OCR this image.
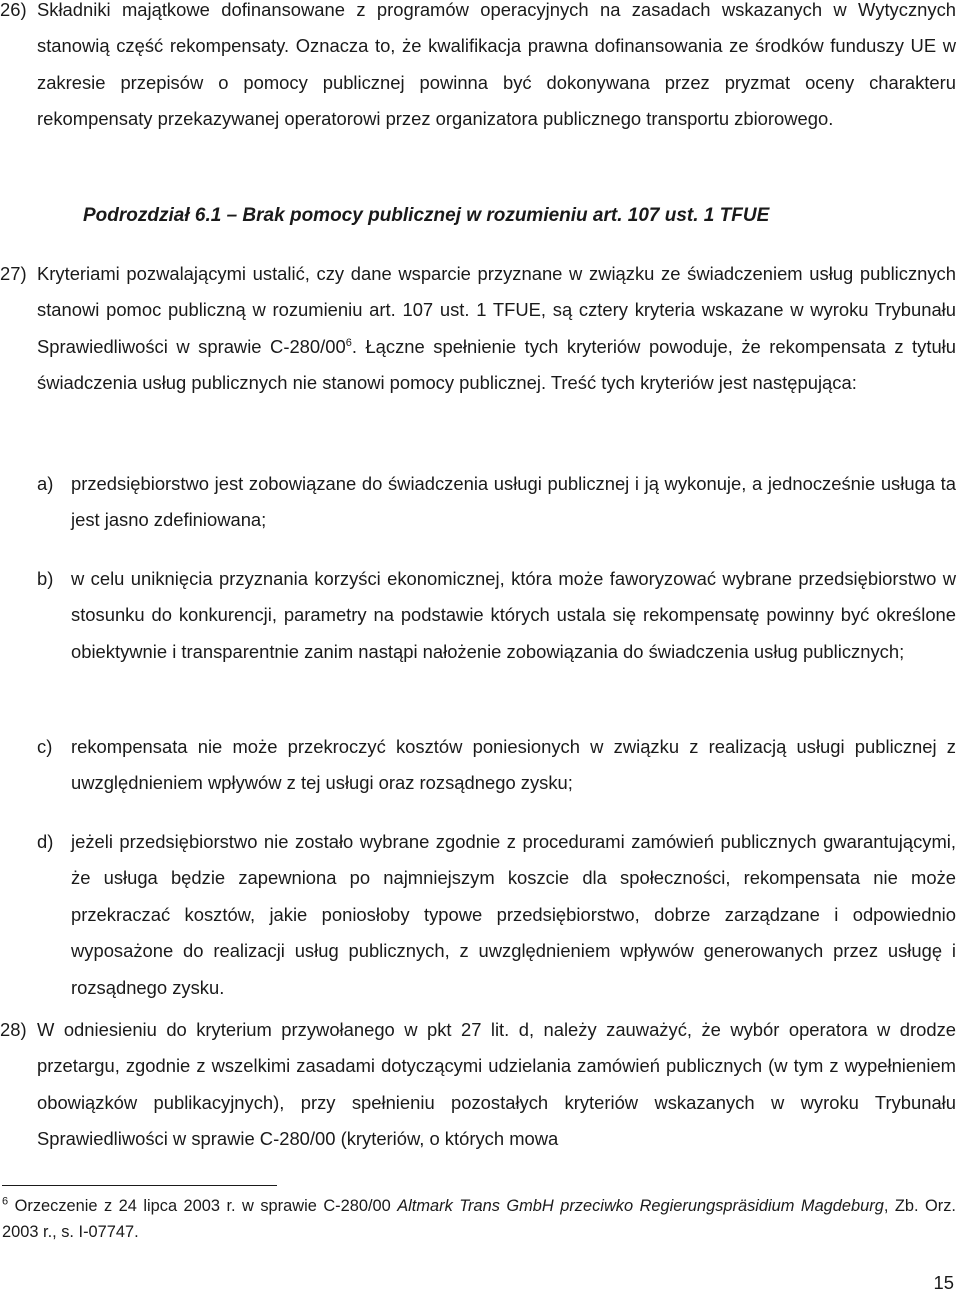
26) Składniki majątkowe dofinansowane z programów operacyjnych na zasadach wskazanych w Wytycznych stanowią część rekompensaty. Oznacza to, że kwalifikacja prawna dofinansowania ze środków funduszy UE w zakresie przepisów o pomocy publicznej powinna być dokonywana przez pryzmat oceny charakteru rekompensaty przekazywanej operatorowi przez organizatora publicznego transportu zbiorowego.

Podrozdział 6.1 – Brak pomocy publicznej w rozumieniu art. 107 ust. 1 TFUE

27) Kryteriami pozwalającymi ustalić, czy dane wsparcie przyznane w związku ze świadczeniem usług publicznych stanowi pomoc publiczną w rozumieniu art. 107 ust. 1 TFUE, są cztery kryteria wskazane w wyroku Trybunału Sprawiedliwości w sprawie $C-280/00^6$. Łączne spełnienie tych kryteriów powoduje, że rekompensata z tytułu świadczenia usług publicznych nie stanowi pomocy publicznej. Treść tych kryteriów jest następująca:

a) przedsiębiorstwo jest zobowiązane do świadczenia usługi publicznej i ją wykonuje, a jednocześnie usługa ta jest jasno zdefiniowana;

b) w celu uniknięcia przyznania korzyści ekonomicznej, która może faworyzować wybrane przedsiębiorstwo w stosunku do konkurencji, parametry na podstawie których ustala się rekompensatę powinny być określone obiektywnie i transparentnie zanim nastąpi nałożenie zobowiązania do świadczenia usług publicznych;

c) rekompensata nie może przekroczyć kosztów poniesionych w związku z realizacją usługi publicznej z uwzględnieniem wpływów z tej usługi oraz rozsądnego zysku;

d) jeżeli przedsiębiorstwo nie zostało wybrane zgodnie z procedurami zamówień publicznych gwarantującymi, że usługa będzie zapewniona po najmniejszym koszcie dla społeczności, rekompensata nie może przekraczać kosztów, jakie poniosłoby typowe przedsiębiorstwo, dobrze zarządzane i odpowiednio wyposażone do realizacji usług publicznych, z uwzględnieniem wpływów generowanych przez usługę i rozsądnego zysku.

28) W odniesieniu do kryterium przywołanego w pkt 27 lit. d, należy zauważyć, że wybór operatora w drodze przetargu, zgodnie z wszelkimi zasadami dotyczącymi udzielania zamówień publicznych (w tym z wypełnieniem obowiązków publikacyjnych), przy spełnieniu pozostałych kryteriów wskazanych w wyroku Trybunału Sprawiedliwości w sprawie C-280/00 (kryteriów, o których mowa

$^6$ Orzeczenie z 24 lipca 2003 r. w sprawie C-280/00 Altmark Trans GmbH przeciwko Regierungspräsidium Magdeburg, Zb. Orz. 2003 r., s. I-07747.

15
